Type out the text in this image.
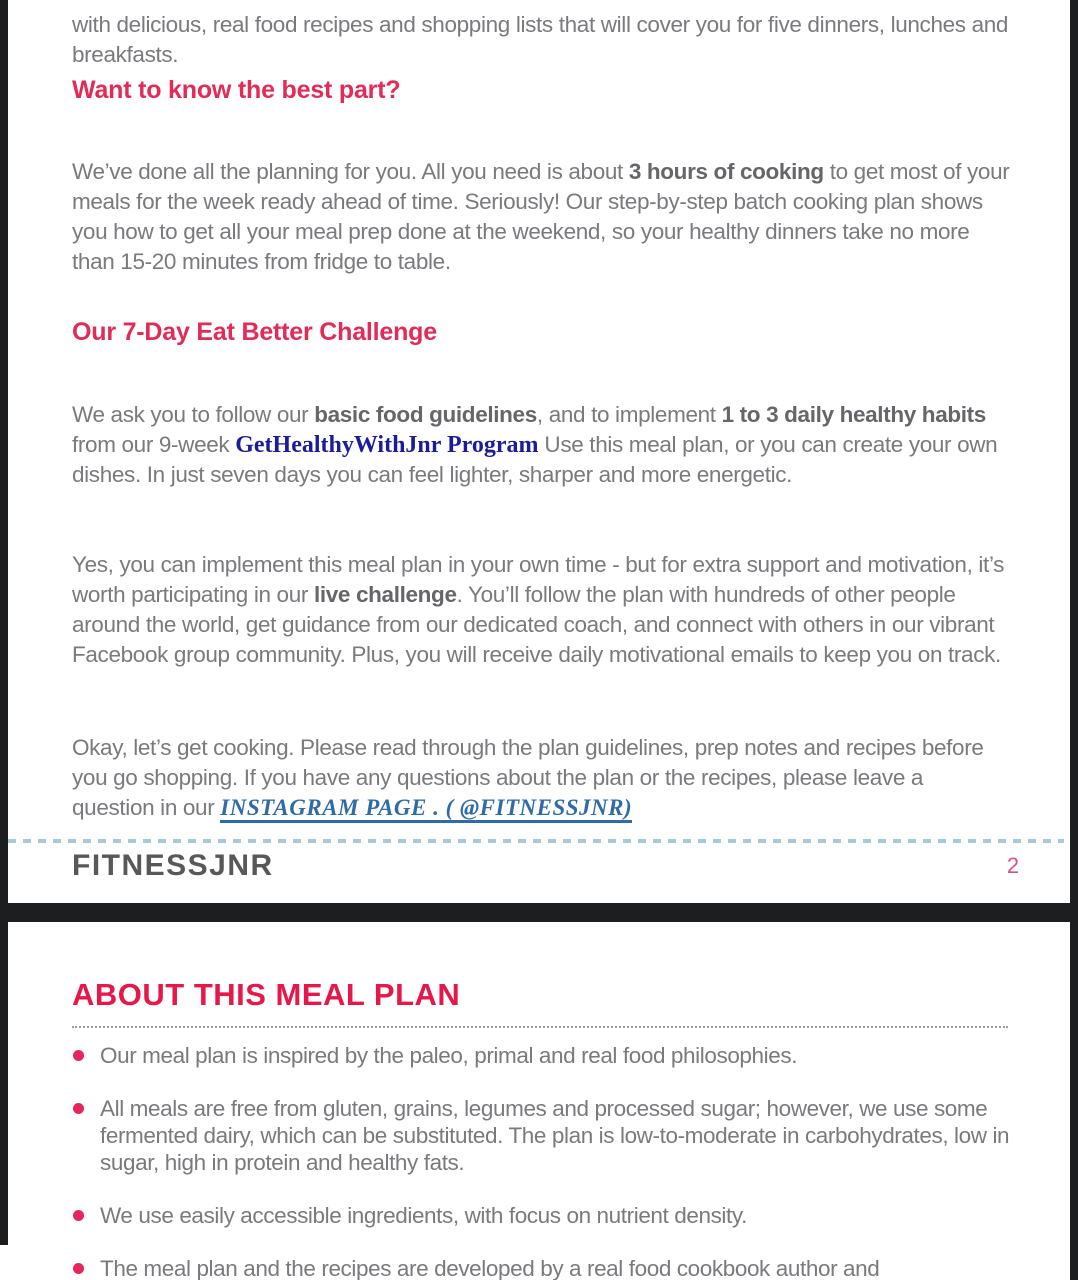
with delicious, real food recipes and shopping lists that will cover you for five dinners, lunches and breakfasts.

Want to know the best part?

We’ve done all the planning for you. All you need is about 3 hours of cooking to get most of your meals for the week ready ahead of time. Seriously! Our step-by-step batch cooking plan shows you how to get all your meal prep done at the weekend, so your healthy dinners take no more than 15-20 minutes from fridge to table.

Our 7-Day Eat Better Challenge

We ask you to follow our basic food guidelines, and to implement 1 to 3 daily healthy habits from our 9-week GetHealthyWithJnr Program Use this meal plan, or you can create your own dishes. In just seven days you can feel lighter, sharper and more energetic.

Yes, you can implement this meal plan in your own time - but for extra support and motivation, it’s worth participating in our live challenge. You’ll follow the plan with hundreds of other people around the world, get guidance from our dedicated coach, and connect with others in our vibrant Facebook group community. Plus, you will receive daily motivational emails to keep you on track.

Okay, let’s get cooking. Please read through the plan guidelines, prep notes and recipes before you go shopping. If you have any questions about the plan or the recipes, please leave a question in our INSTAGRAM PAGE . ( @FITNESSJNR)

FITNESSJNR	2
ABOUT THIS MEAL PLAN
Our meal plan is inspired by the paleo, primal and real food philosophies.
All meals are free from gluten, grains, legumes and processed sugar; however, we use some fermented dairy, which can be substituted. The plan is low-to-moderate in carbohydrates, low in sugar, high in protein and healthy fats.
We use easily accessible ingredients, with focus on nutrient density.
The meal plan and the recipes are developed by a real food cookbook author and
